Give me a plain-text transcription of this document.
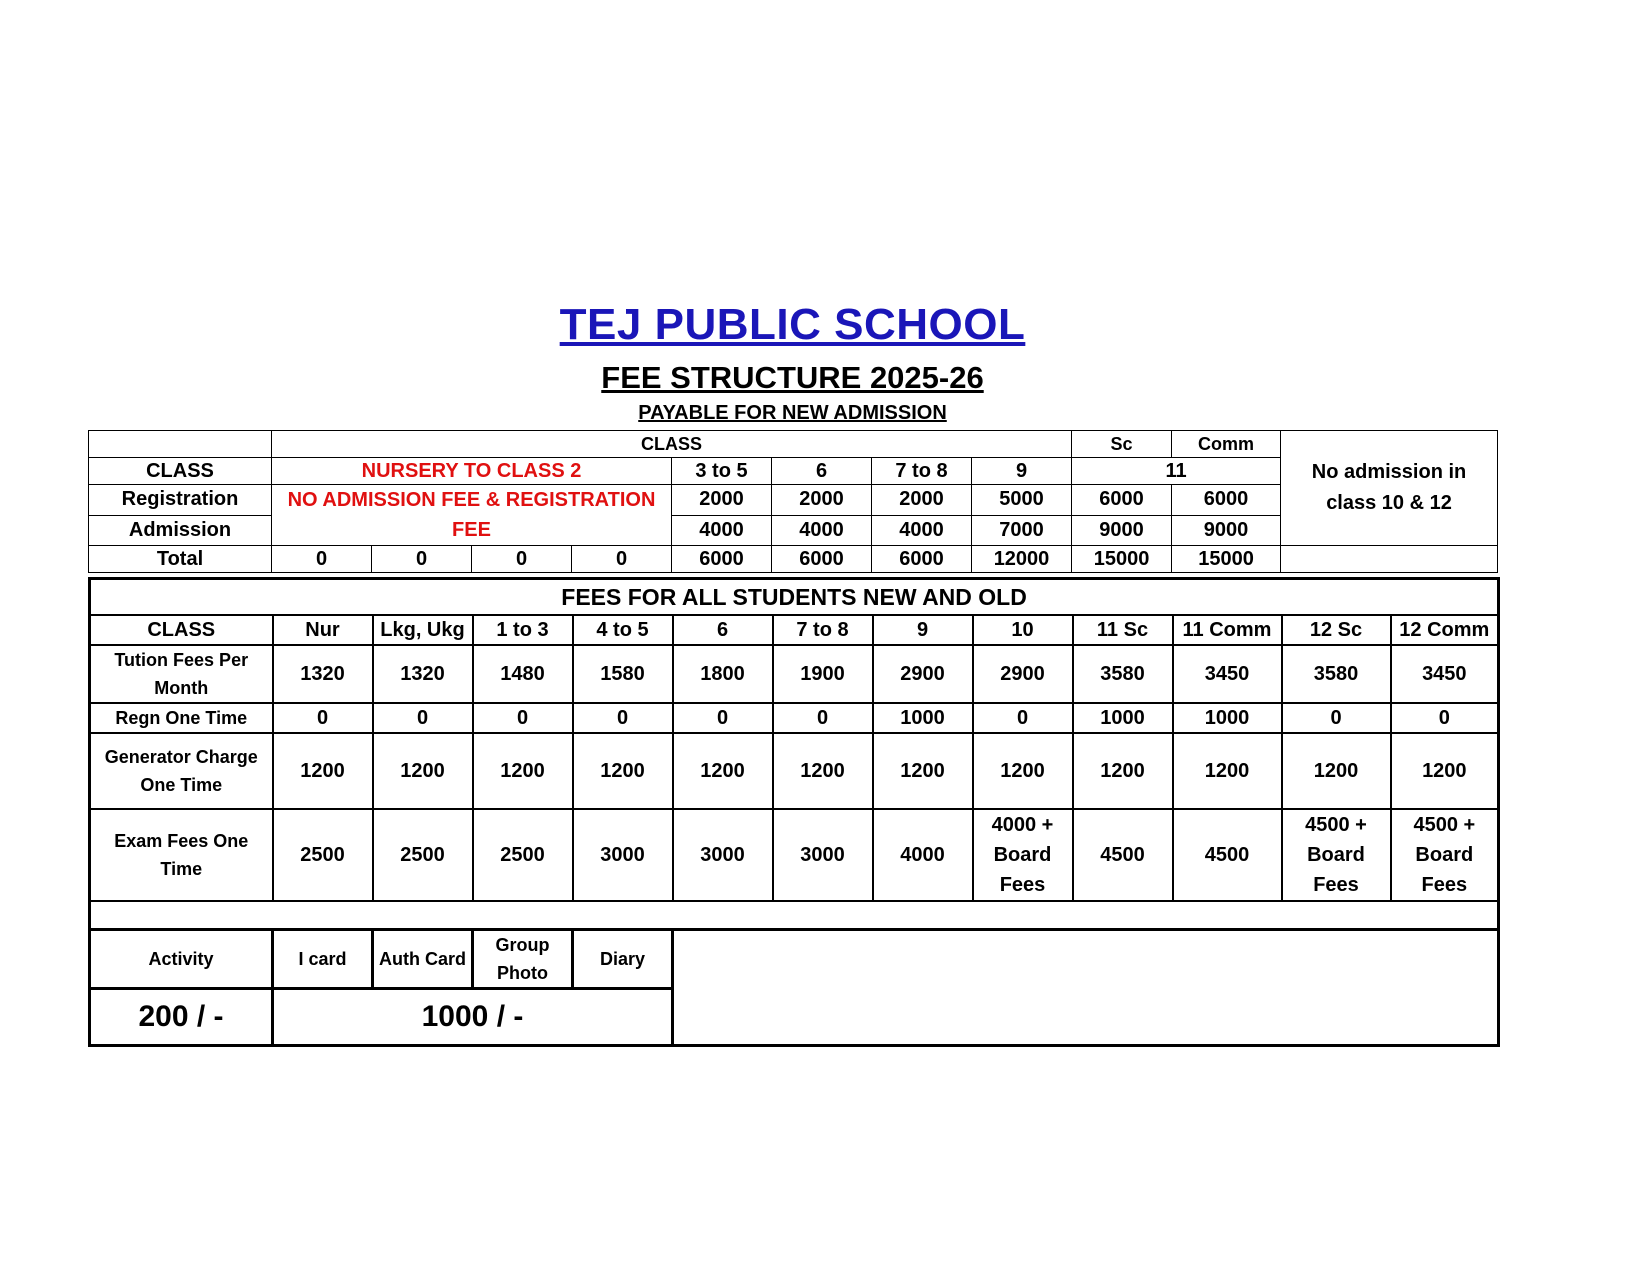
TEJ PUBLIC SCHOOL
FEE STRUCTURE 2025-26
PAYABLE FOR NEW ADMISSION
	CLASS								Sc	Comm	No admission in class 10 & 12
CLASS	NURSERY TO CLASS 2				3 to 5	6	7 to 8	9	11		
Registration	NO ADMISSION FEE & REGISTRATION FEE				2000	2000	2000	5000	6000	6000	
Admission					4000	4000	4000	7000	9000	9000	
Total	0	0	0	0	6000	6000	6000	12000	15000	15000	
FEES FOR ALL STUDENTS NEW AND OLD												
CLASS	Nur	Lkg, Ukg	1 to 3	4 to 5	6	7 to 8	9	10	11 Sc	11 Comm	12 Sc	12 Comm
Tution Fees Per Month	1320	1320	1480	1580	1800	1900	2900	2900	3580	3450	3580	3450
Regn One Time	0	0	0	0	0	0	1000	0	1000	1000	0	0
Generator Charge One Time	1200	1200	1200	1200	1200	1200	1200	1200	1200	1200	1200	1200
Exam Fees One Time	2500	2500	2500	3000	3000	3000	4000	4000 + Board Fees	4500	4500	4500 + Board Fees	4500 + Board Fees

Activity	I card	Auth Card	Group Photo	Diary	
200 / -	1000 / -				
